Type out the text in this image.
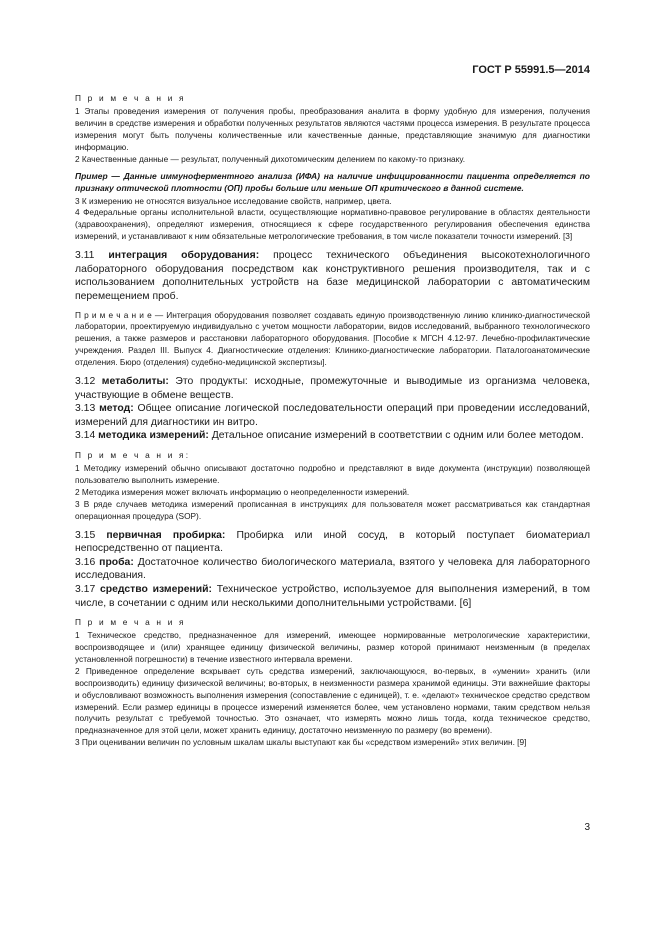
ГОСТ Р 55991.5—2014

П р и м е ч а н и я

1 Этапы проведения измерения от получения пробы, преобразования аналита в форму удобную для измерения, получения величин в средстве измерения и обработки полученных результатов являются частями процесса измерения. В результате процесса измерения могут быть получены количественные или качественные данные, представляющие значимую для диагностики информацию.

2 Качественные данные — результат, полученный дихотомическим делением по какому-то признаку.

Пример — Данные иммуноферментного анализа (ИФА) на наличие инфицированности пациента определяется по признаку оптической плотности (ОП) пробы больше или меньше ОП критического в данной системе.

3 К измерению не относятся визуальное исследование свойств, например, цвета.

4 Федеральные органы исполнительной власти, осуществляющие нормативно-правовое регулирование в областях деятельности (здравоохранения), определяют измерения, относящиеся к сфере государственного регулирования обеспечения единства измерений, и устанавливают к ним обязательные метрологические требования, в том числе показатели точности измерений. [3]

3.11 интеграция оборудования: процесс технического объединения высокотехнологичного лабораторного оборудования посредством как конструктивного решения производителя, так и с использованием дополнительных устройств на базе медицинской лаборатории с автоматическим перемещением проб.

П р и м е ч а н и е — Интеграция оборудования позволяет создавать единую производственную линию клинико-диагностической лаборатории, проектируемую индивидуально с учетом мощности лаборатории, видов исследований, выбранного технологического решения, а также размеров и расстановки лабораторного оборудования. [Пособие к МГСН 4.12-97. Лечебно-профилактические учреждения. Раздел III. Выпуск 4. Диагностические отделения: Клинико-диагностические лаборатории. Паталогоанатомические отделения. Бюро (отделения) судебно-медицинской экспертизы].

3.12 метаболиты: Это продукты: исходные, промежуточные и выводимые из организма человека, участвующие в обмене веществ.

3.13 метод: Общее описание логической последовательности операций при проведении исследований, измерений для диагностики ин витро.

3.14 методика измерений: Детальное описание измерений в соответствии с одним или более методом.

П р и м е ч а н и я:

1 Методику измерений обычно описывают достаточно подробно и представляют в виде документа (инструкции) позволяющей пользователю выполнить измерение.

2 Методика измерения может включать информацию о неопределенности измерений.

3 В ряде случаев методика измерений прописанная в инструкциях для пользователя может рассматриваться как стандартная операционная процедура (SOP).

3.15 первичная пробирка: Пробирка или иной сосуд, в который поступает биоматериал непосредственно от пациента.

3.16 проба: Достаточное количество биологического материала, взятого у человека для лабораторного исследования.

3.17 средство измерений: Техническое устройство, используемое для выполнения измерений, в том числе, в сочетании с одним или несколькими дополнительными устройствами. [6]

П р и м е ч а н и я

1 Техническое средство, предназначенное для измерений, имеющее нормированные метрологические характеристики, воспроизводящее и (или) хранящее единицу физической величины, размер которой принимают неизменным (в пределах установленной погрешности) в течение известного интервала времени.

2 Приведенное определение вскрывает суть средства измерений, заключающуюся, во-первых, в «умении» хранить (или воспроизводить) единицу физической величины; во-вторых, в неизменности размера хранимой единицы. Эти важнейшие факторы и обусловливают возможность выполнения измерения (сопоставление с единицей), т. е. «делают» техническое средство средством измерений. Если размер единицы в процессе измерений изменяется более, чем установлено нормами, таким средством нельзя получить результат с требуемой точностью. Это означает, что измерять можно лишь тогда, когда техническое средство, предназначенное для этой цели, может хранить единицу, достаточно неизменную по размеру (во времени).

3 При оценивании величин по условным шкалам шкалы выступают как бы «средством измерений» этих величин. [9]

3
